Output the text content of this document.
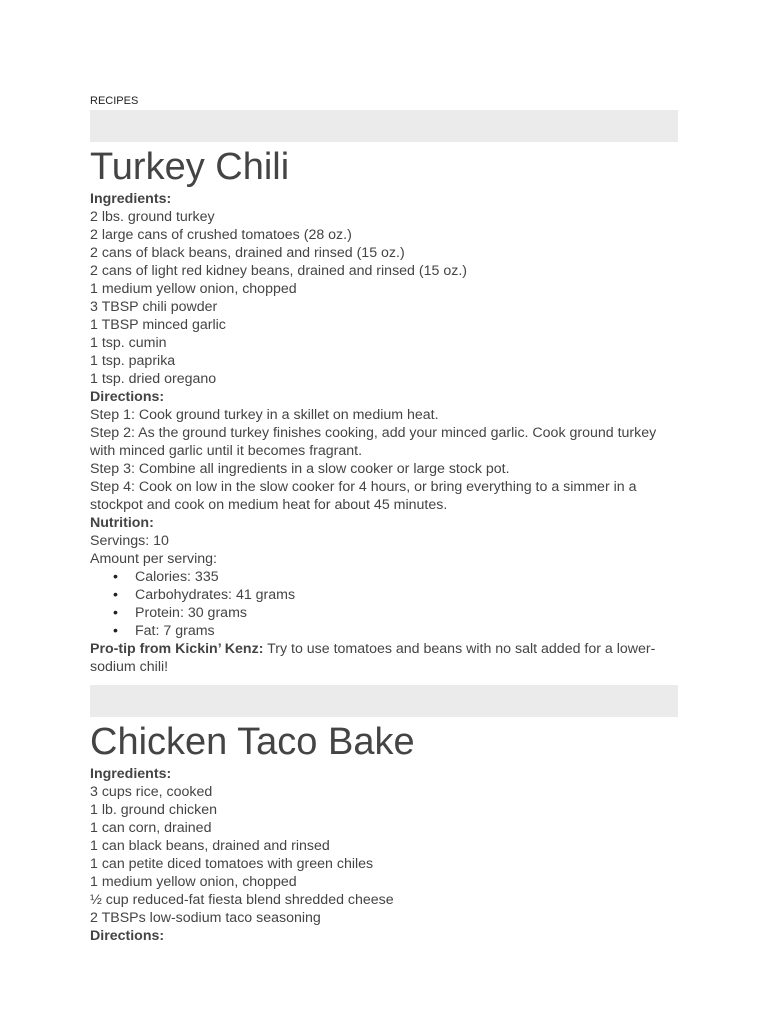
RECIPES
Turkey Chili

Ingredients:

2 lbs. ground turkey

2 large cans of crushed tomatoes (28 oz.)

2 cans of black beans, drained and rinsed (15 oz.)

2 cans of light red kidney beans, drained and rinsed (15 oz.)

1 medium yellow onion, chopped

3 TBSP chili powder

1 TBSP minced garlic

1 tsp. cumin

1 tsp. paprika

1 tsp. dried oregano

Directions:

Step 1: Cook ground turkey in a skillet on medium heat.

Step 2: As the ground turkey finishes cooking, add your minced garlic. Cook ground turkey with minced garlic until it becomes fragrant.

Step 3: Combine all ingredients in a slow cooker or large stock pot.

Step 4: Cook on low in the slow cooker for 4 hours, or bring everything to a simmer in a stockpot and cook on medium heat for about 45 minutes.

Nutrition:

Servings: 10

Amount per serving:

• Calories: 335
• Carbohydrates: 41 grams
• Protein: 30 grams
• Fat: 7 grams

Pro-tip from Kickin’ Kenz: Try to use tomatoes and beans with no salt added for a lower-sodium chili!

Chicken Taco Bake

Ingredients:

3 cups rice, cooked

1 lb. ground chicken

1 can corn, drained

1 can black beans, drained and rinsed

1 can petite diced tomatoes with green chiles

1 medium yellow onion, chopped

½ cup reduced-fat fiesta blend shredded cheese

2 TBSPs low-sodium taco seasoning

Directions:
